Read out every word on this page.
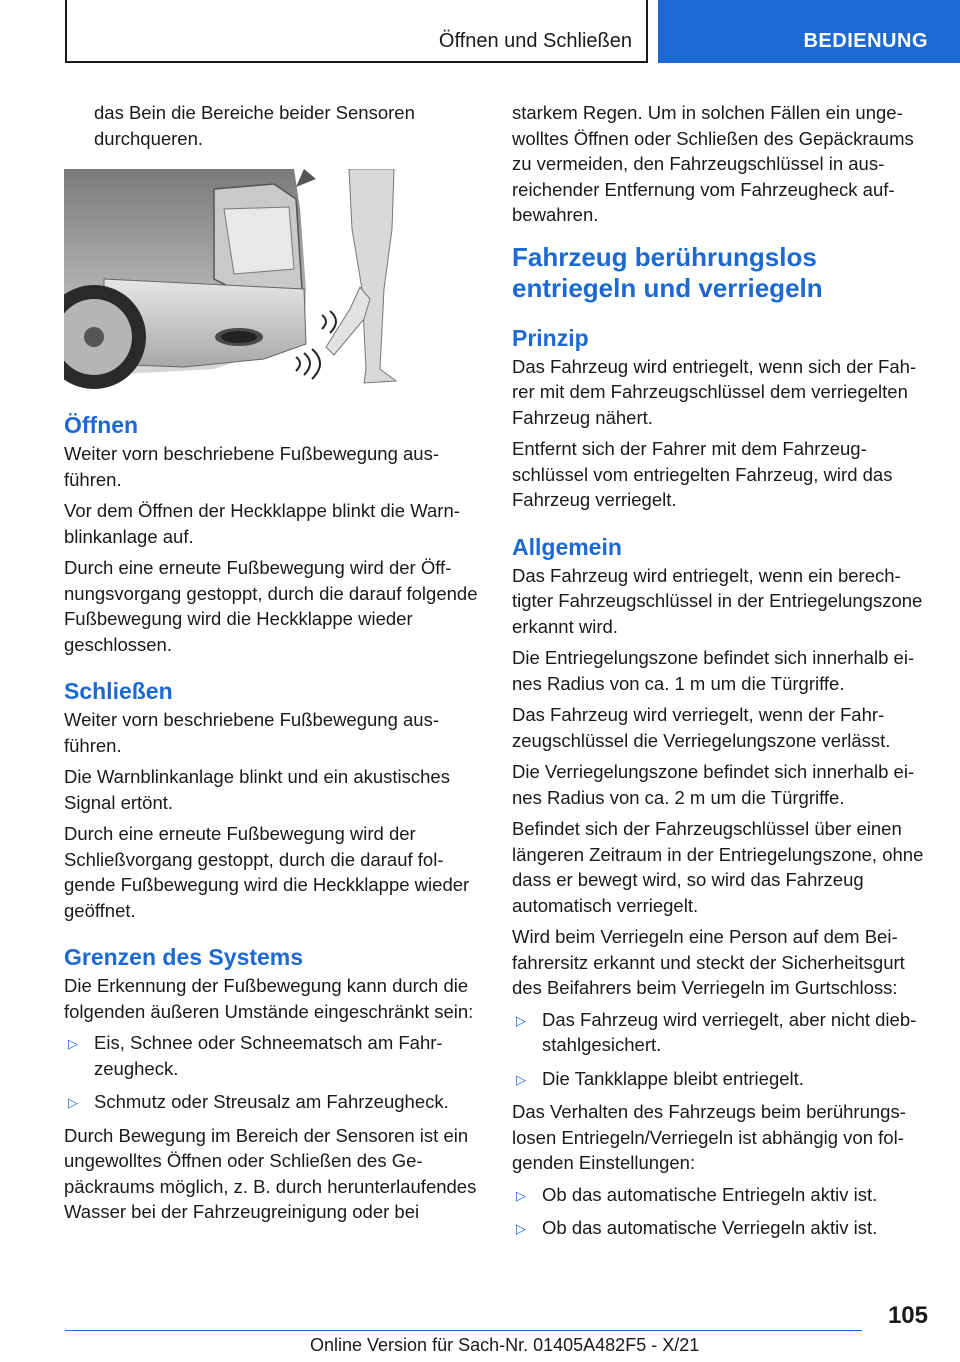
Öffnen und Schließen	BEDIENUNG

das Bein die Bereiche beider Sensoren durchqueren.

Öffnen

Weiter vorn beschriebene Fußbewegung ausführen.

Vor dem Öffnen der Heckklappe blinkt die Warnblinkanlage auf.

Durch eine erneute Fußbewegung wird der Öffnungsvorgang gestoppt, durch die darauf folgende Fußbewegung wird die Heckklappe wieder geschlossen.

Schließen

Weiter vorn beschriebene Fußbewegung ausführen.

Die Warnblinkanlage blinkt und ein akustisches Signal ertönt.

Durch eine erneute Fußbewegung wird der Schließvorgang gestoppt, durch die darauf folgende Fußbewegung wird die Heckklappe wieder geöffnet.

Grenzen des Systems

Die Erkennung der Fußbewegung kann durch die folgenden äußeren Umstände eingeschränkt sein:

▷ Eis, Schnee oder Schneematsch am Fahrzeugheck.
▷ Schmutz oder Streusalz am Fahrzeugheck.

Durch Bewegung im Bereich der Sensoren ist ein ungewolltes Öffnen oder Schließen des Gepäckraums möglich, z. B. durch herunterlaufendes Wasser bei der Fahrzeugreinigung oder bei

starkem Regen. Um in solchen Fällen ein ungewolltes Öffnen oder Schließen des Gepäckraums zu vermeiden, den Fahrzeugschlüssel in ausreichender Entfernung vom Fahrzeugheck aufbewahren.

Fahrzeug berührungslos entriegeln und verriegeln
Prinzip

Das Fahrzeug wird entriegelt, wenn sich der Fahrer mit dem Fahrzeugschlüssel dem verriegelten Fahrzeug nähert.

Entfernt sich der Fahrer mit dem Fahrzeugschlüssel vom entriegelten Fahrzeug, wird das Fahrzeug verriegelt.

Allgemein

Das Fahrzeug wird entriegelt, wenn ein berechtigter Fahrzeugschlüssel in der Entriegelungszone erkannt wird.

Die Entriegelungszone befindet sich innerhalb eines Radius von ca. 1 m um die Türgriffe.

Das Fahrzeug wird verriegelt, wenn der Fahrzeugschlüssel die Verriegelungszone verlässt.

Die Verriegelungszone befindet sich innerhalb eines Radius von ca. 2 m um die Türgriffe.

Befindet sich der Fahrzeugschlüssel über einen längeren Zeitraum in der Entriegelungszone, ohne dass er bewegt wird, so wird das Fahrzeug automatisch verriegelt.

Wird beim Verriegeln eine Person auf dem Beifahrersitz erkannt und steckt der Sicherheitsgurt des Beifahrers beim Verriegeln im Gurtschloss:

▷ Das Fahrzeug wird verriegelt, aber nicht diebstahlgesichert.
▷ Die Tankklappe bleibt entriegelt.

Das Verhalten des Fahrzeugs beim berührungslosen Entriegeln/Verriegeln ist abhängig von folgenden Einstellungen:

▷ Ob das automatische Entriegeln aktiv ist.
▷ Ob das automatische Verriegeln aktiv ist.
105
Online Version für Sach-Nr. 01405A482F5 - X/21
